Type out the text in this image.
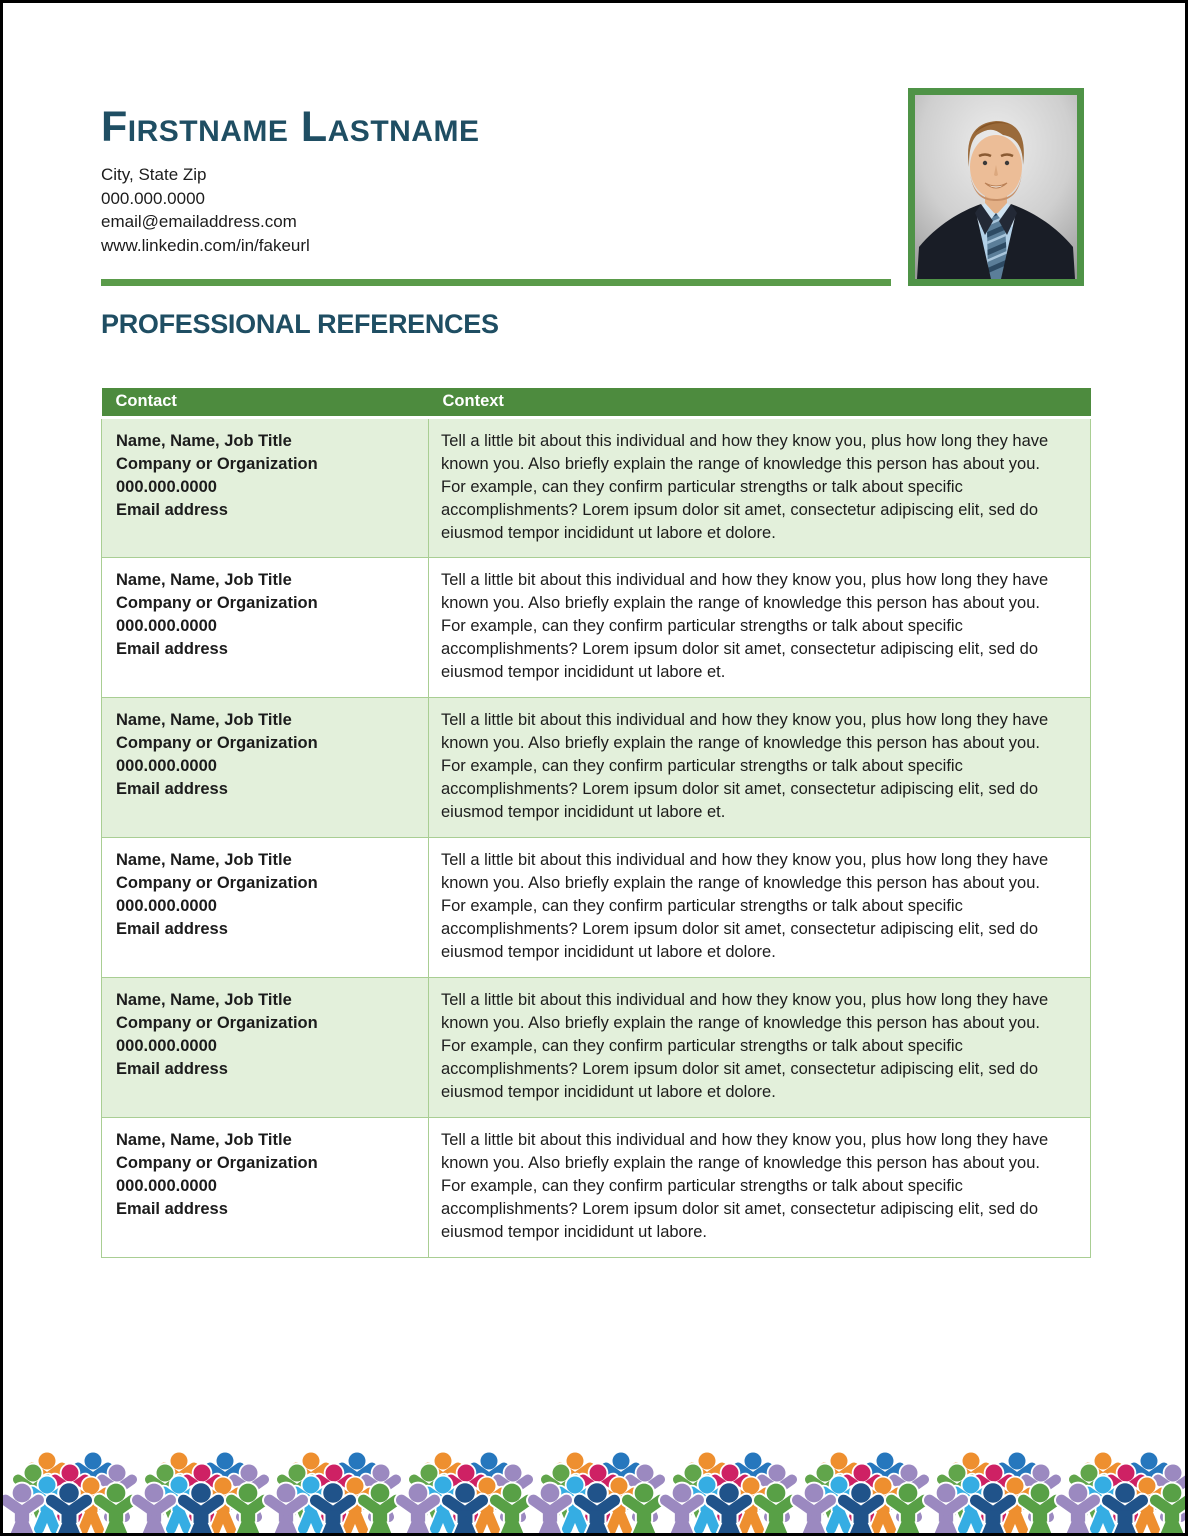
Firstname Lastname
City, State Zip
000.000.0000
email@emailaddress.com
www.linkedin.com/in/fakeurl
PROFESSIONAL REFERENCES
Contact	Context

Name, Name, Job Title
Company or Organization
000.000.0000
Email address
	Tell a little bit about this individual and how they know you, plus how long they have known you. Also briefly explain the range of knowledge this person has about you. For example, can they confirm particular strengths or talk about specific accomplishments? Lorem ipsum dolor sit amet, consectetur adipiscing elit, sed do eiusmod tempor incididunt ut labore et dolore.

Name, Name, Job Title
Company or Organization
000.000.0000
Email address
	Tell a little bit about this individual and how they know you, plus how long they have known you. Also briefly explain the range of knowledge this person has about you. For example, can they confirm particular strengths or talk about specific accomplishments? Lorem ipsum dolor sit amet, consectetur adipiscing elit, sed do eiusmod tempor incididunt ut labore et.

Name, Name, Job Title
Company or Organization
000.000.0000
Email address
	Tell a little bit about this individual and how they know you, plus how long they have known you. Also briefly explain the range of knowledge this person has about you. For example, can they confirm particular strengths or talk about specific accomplishments? Lorem ipsum dolor sit amet, consectetur adipiscing elit, sed do eiusmod tempor incididunt ut labore et.

Name, Name, Job Title
Company or Organization
000.000.0000
Email address
	Tell a little bit about this individual and how they know you, plus how long they have known you. Also briefly explain the range of knowledge this person has about you. For example, can they confirm particular strengths or talk about specific accomplishments? Lorem ipsum dolor sit amet, consectetur adipiscing elit, sed do eiusmod tempor incididunt ut labore et dolore.

Name, Name, Job Title
Company or Organization
000.000.0000
Email address
	Tell a little bit about this individual and how they know you, plus how long they have known you. Also briefly explain the range of knowledge this person has about you. For example, can they confirm particular strengths or talk about specific accomplishments? Lorem ipsum dolor sit amet, consectetur adipiscing elit, sed do eiusmod tempor incididunt ut labore et dolore.

Name, Name, Job Title
Company or Organization
000.000.0000
Email address
	Tell a little bit about this individual and how they know you, plus how long they have known you. Also briefly explain the range of knowledge this person has about you. For example, can they confirm particular strengths or talk about specific accomplishments? Lorem ipsum dolor sit amet, consectetur adipiscing elit, sed do eiusmod tempor incididunt ut labore.
